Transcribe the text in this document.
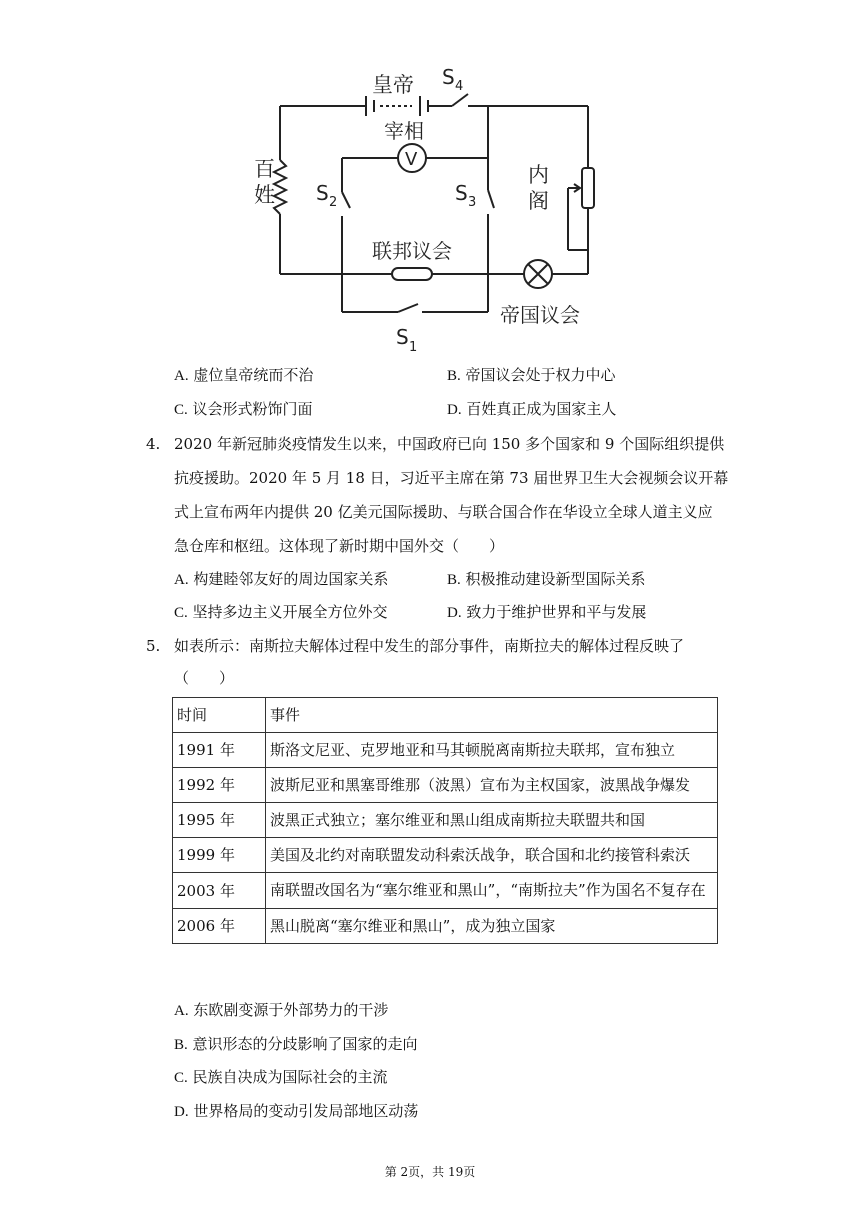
皇帝 S 4
宰相
V
百
姓 S 2	S 3
内
阁
联邦议会
帝国议会
S 1
A. 虚位皇帝统而不治	B. 帝国议会处于权力中心
C. 议会形式粉饰门面	D. 百姓真正成为国家主人
4. 2020 年新冠肺炎疫情发生以来，中国政府已向 150 多个国家和 9 个国际组织提供
抗疫援助。2020 年 5 月 18 日，习近平主席在第 73 届世界卫生大会视频会议开幕
式上宣布两年内提供 20 亿美元国际援助、与联合国合作在华设立全球人道主义应
急仓库和枢纽。这体现了新时期中国外交（　　）
A. 构建睦邻友好的周边国家关系	B. 积极推动建设新型国际关系
C. 坚持多边主义开展全方位外交	D. 致力于维护世界和平与发展
5. 如表所示：南斯拉夫解体过程中发生的部分事件，南斯拉夫的解体过程反映了
（　　）
时间	事件
1991 年	斯洛文尼亚、克罗地亚和马其顿脱离南斯拉夫联邦，宣布独立
1992 年	波斯尼亚和黑塞哥维那（波黑）宣布为主权国家，波黑战争爆发
1995 年	波黑正式独立；塞尔维亚和黑山组成南斯拉夫联盟共和国
1999 年	美国及北约对南联盟发动科索沃战争，联合国和北约接管科索沃
2003 年	南联盟改国名为“塞尔维亚和黑山”，“南斯拉夫”作为国名不复存在
2006 年	黑山脱离“塞尔维亚和黑山”，成为独立国家
A. 东欧剧变源于外部势力的干涉
B. 意识形态的分歧影响了国家的走向
C. 民族自决成为国际社会的主流
D. 世界格局的变动引发局部地区动荡
第 2页，共 19页
